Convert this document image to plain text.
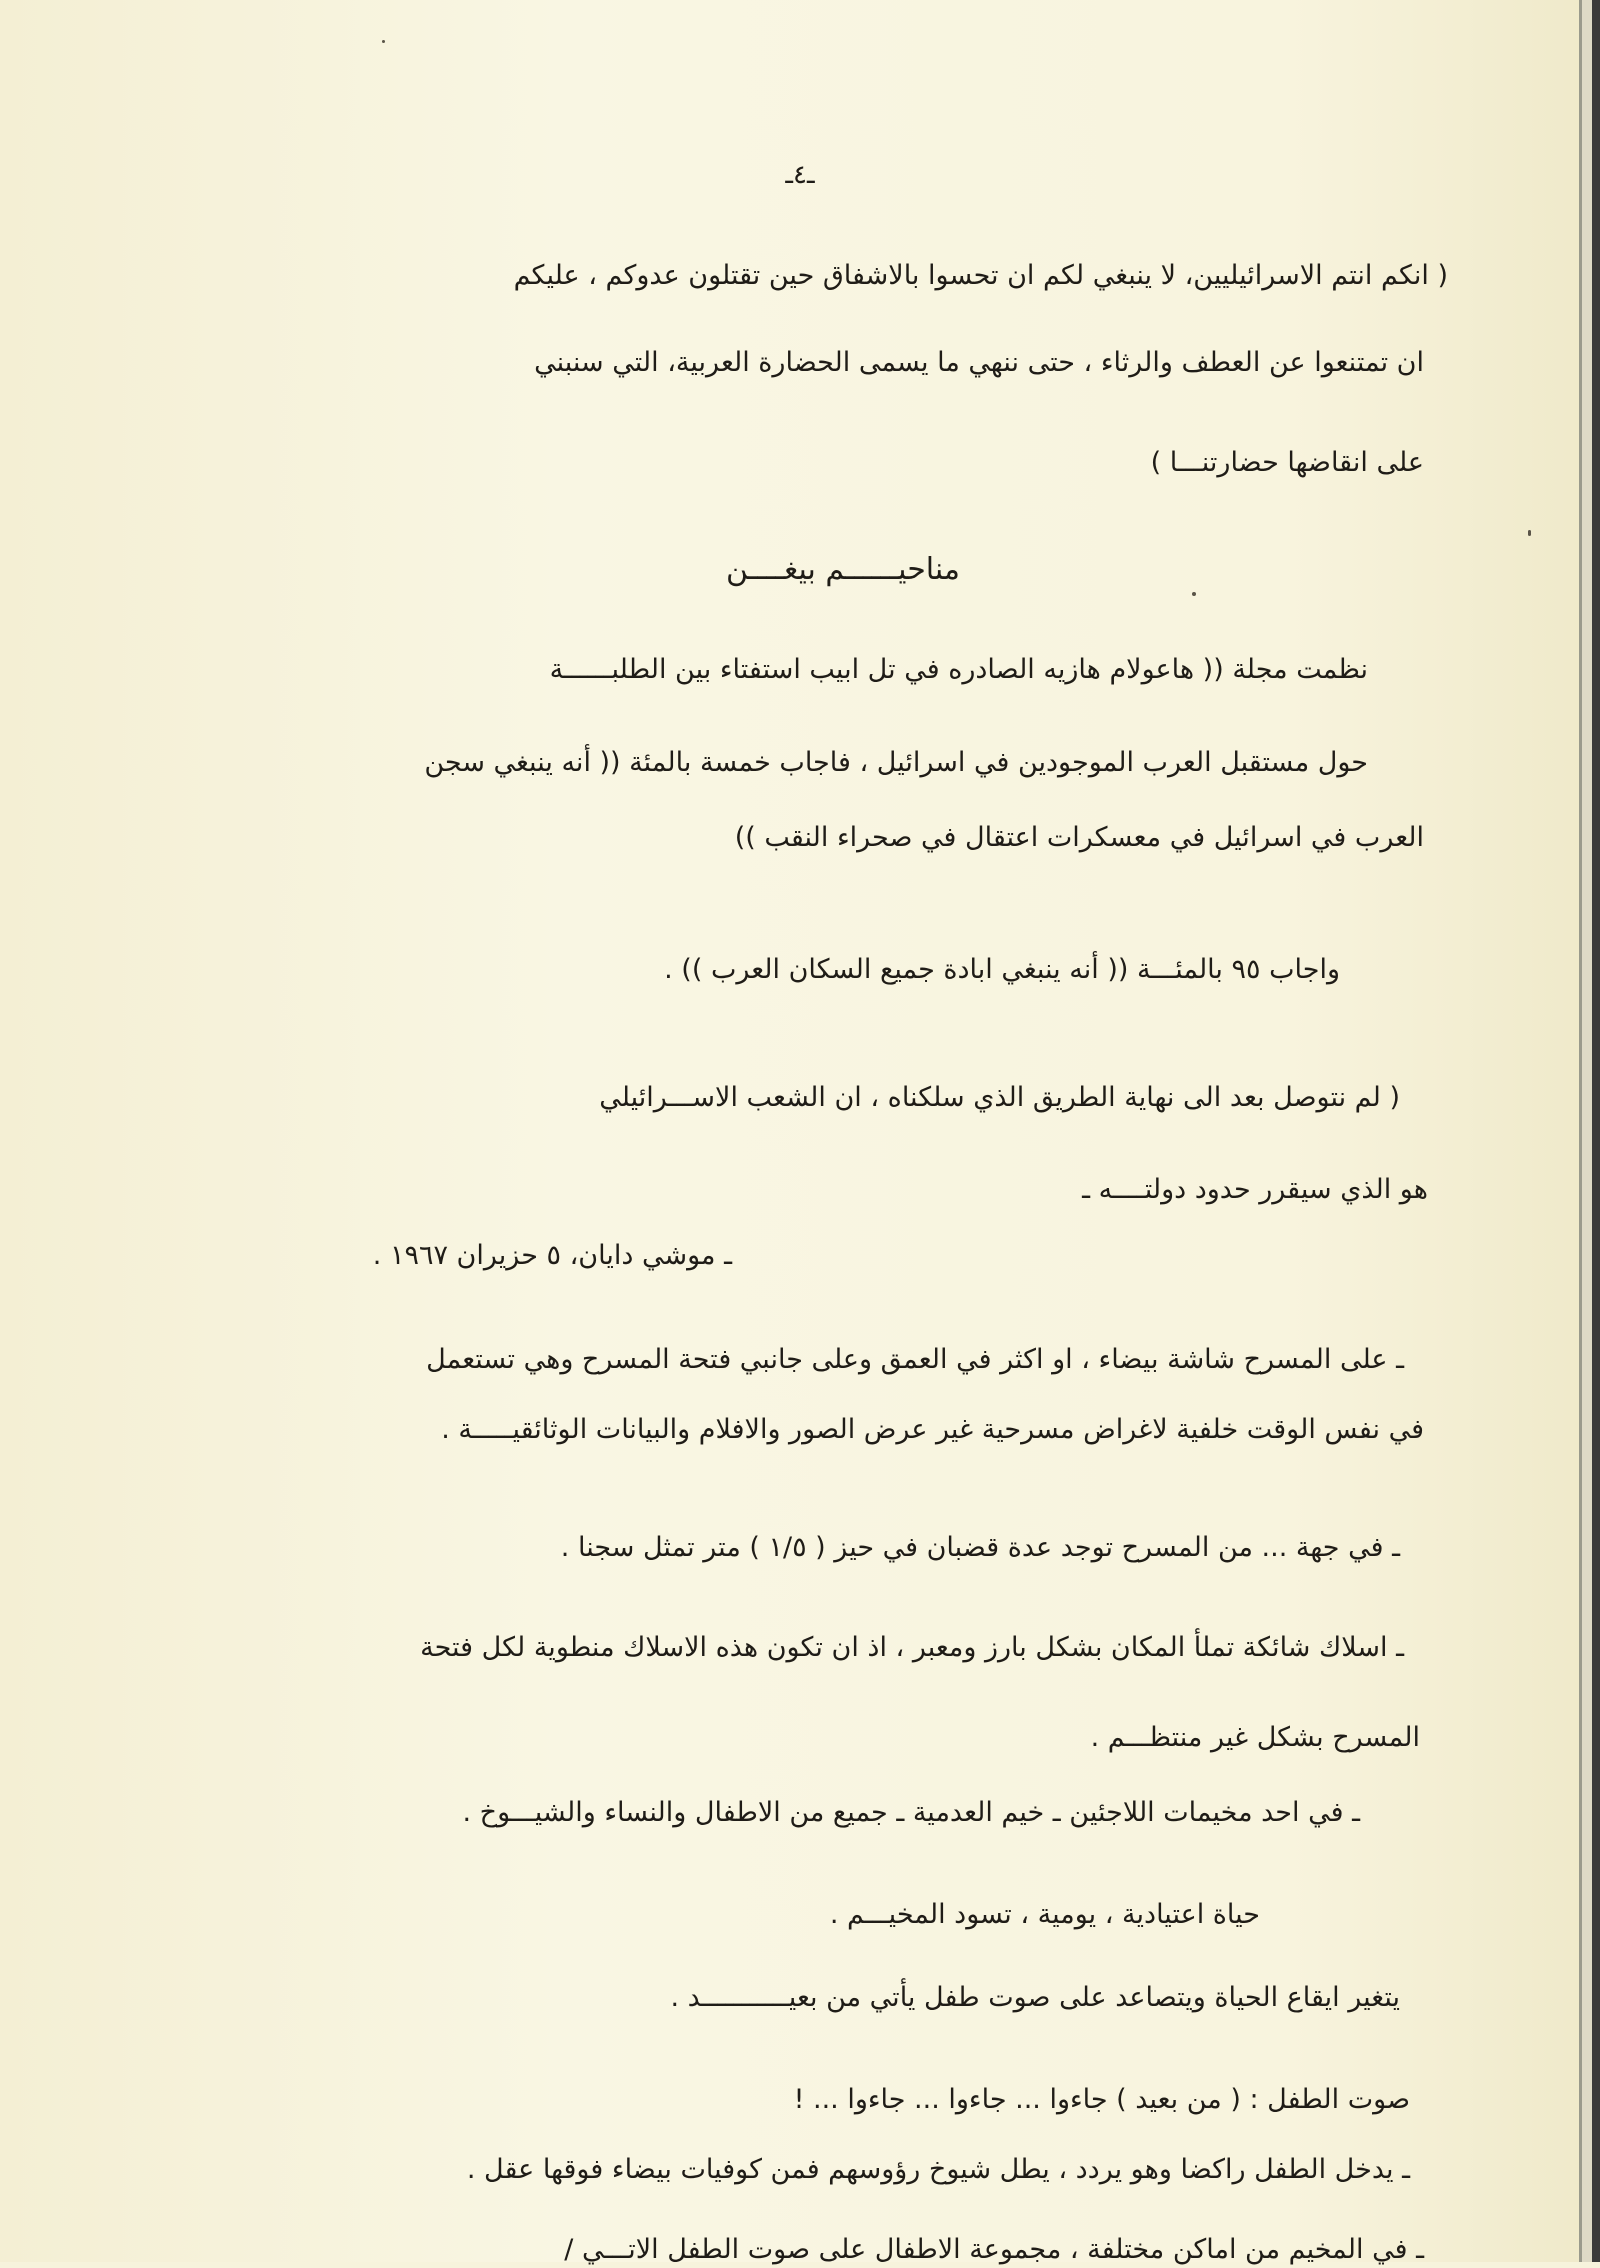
ـ٤ـ
( انكم انتم الاسرائيليين، لا ينبغي لكم ان تحسوا بالاشفاق حين تقتلون عدوكم ، عليكم
ان تمتنعوا عن العطف والرثاء ، حتى ننهي ما يسمى الحضارة العربية، التي سنبني
على انقاضها حضارتنـــا )
مناحيــــــم بيغــــن
نظمت مجلة (( هاعولام هازيه الصادره في تل ابيب استفتاء بين الطلبــــــة
حول مستقبل العرب الموجودين في اسرائيل ، فاجاب خمسة بالمئة (( أنه ينبغي سجن
العرب في اسرائيل في معسكرات اعتقال في صحراء النقب ))
واجاب ٩٥ بالمئـــة (( أنه ينبغي ابادة جميع السكان العرب )) .
( لم نتوصل بعد الى نهاية الطريق الذي سلكناه ، ان الشعب الاســـرائيلي
هو الذي سيقرر حدود دولتــــه ـ
ـ موشي دايان، ٥ حزيران ١٩٦٧ .
ـ على المسرح شاشة بيضاء ، او اكثر في العمق وعلى جانبي فتحة المسرح وهي تستعمل
في نفس الوقت خلفية لاغراض مسرحية غير عرض الصور والافلام والبيانات الوثائقيـــــة .
ـ في جهة ... من المسرح توجد عدة قضبان في حيز ( ١/٥ ) متر تمثل سجنا .
ـ اسلاك شائكة تملأ المكان بشكل بارز ومعبر ، اذ ان تكون هذه الاسلاك منطوية لكل فتحة
المسرح بشكل غير منتظـــم .
ـ في احد مخيمات اللاجئين ـ خيم العدمية ـ جميع من الاطفال والنساء والشيـــوخ .
حياة اعتيادية ، يومية ، تسود المخيـــم .
يتغير ايقاع الحياة ويتصاعد على صوت طفل يأتي من بعيـــــــــــد .
صوت الطفل : ( من بعيد ) جاءوا ... جاءوا ... جاءوا ... !
ـ يدخل الطفل راكضا وهو يردد ، يطل شيوخ رؤوسهم فمن كوفيات بيضاء فوقها عقل .
ـ في المخيم من اماكن مختلفة ، مجموعة الاطفال على صوت الطفل الاتـــي /
